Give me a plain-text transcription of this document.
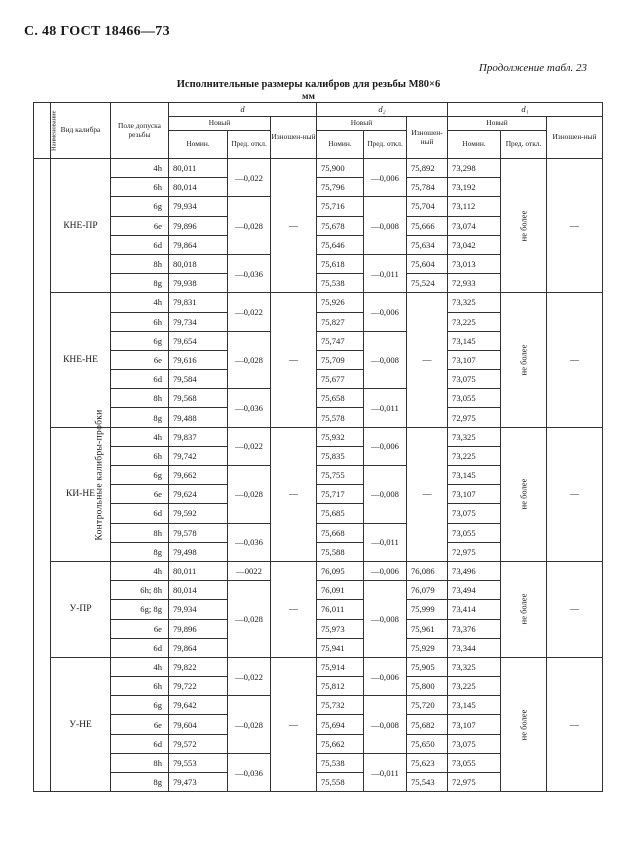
С. 48 ГОСТ 18466—73
Продолжение табл. 23
Исполнительные размеры калибров для резьбы М80×6
мм
Наименование	Вид калибра	Поле допуска резьбы	d			d₂			d₁		
			Новый		Изношен-ный	Новый		Изношен-ный	Новый		Изношен-ный
			Номин.	Пред. откл.		Номин.	Пред. откл.		Номин.	Пред. откл.	
Контрольные калибры-пробки	КНЕ-ПР	4h	80,011	—0,022	—	75,900	—0,006	75,892	73,298	не более	—
		6h	80,014			75,796		75,784	73,192		
		6g	79,934	—0,028		75,716	—0,008	75,704	73,112		
		6e	79,896			75,678		75,666	73,074		
		6d	79,864			75,646		75,634	73,042		
		8h	80,018	—0,036		75,618	—0,011	75,604	73,013		
		8g	79,938			75,538		75,524	72,933		
	КНЕ-НЕ	4h	79,831	—0,022	—	75,926	—0,006	—	73,325	не более	—
		6h	79,734			75,827			73,225		
		6g	79,654	—0,028		75,747	—0,008		73,145		
		6e	79,616			75,709			73,107		
		6d	79,584			75,677			73,075		
		8h	79,568	—0,036		75,658	—0,011		73,055		
		8g	79,488			75,578			72,975		
	КИ-НЕ	4h	79,837	—0,022	—	75,932	—0,006	—	73,325	не более	—
		6h	79,742			75,835			73,225		
		6g	79,662	—0,028		75,755	—0,008		73,145		
		6e	79,624			75,717			73,107		
		6d	79,592			75,685			73,075		
		8h	79,578	—0,036		75,668	—0,011		73,055		
		8g	79,498			75,588			72,975		
	У-ПР	4h	80,011	—0022	—	76,095	—0,006	76,086	73,496	не более	—
		6h; 8h	80,014	—0,028		76,091	—0,008	76,079	73,494		
		6g; 8g	79,934			76,011		75,999	73,414		
		6e	79,896			75,973		75,961	73,376		
		6d	79,864			75,941		75,929	73,344		
	У-НЕ	4h	79,822	—0,022	—	75,914	—0,006	75,905	73,325	не более	—
		6h	79,722			75,812		75,800	73,225		
		6g	79,642	—0,028		75,732	—0,008	75,720	73,145		
		6e	79,604			75,694		75,682	73,107		
		6d	79,572			75,662		75,650	73,075		
		8h	79,553	—0,036		75,538	—0,011	75,623	73,055		
		8g	79,473			75,558		75,543	72,975		
